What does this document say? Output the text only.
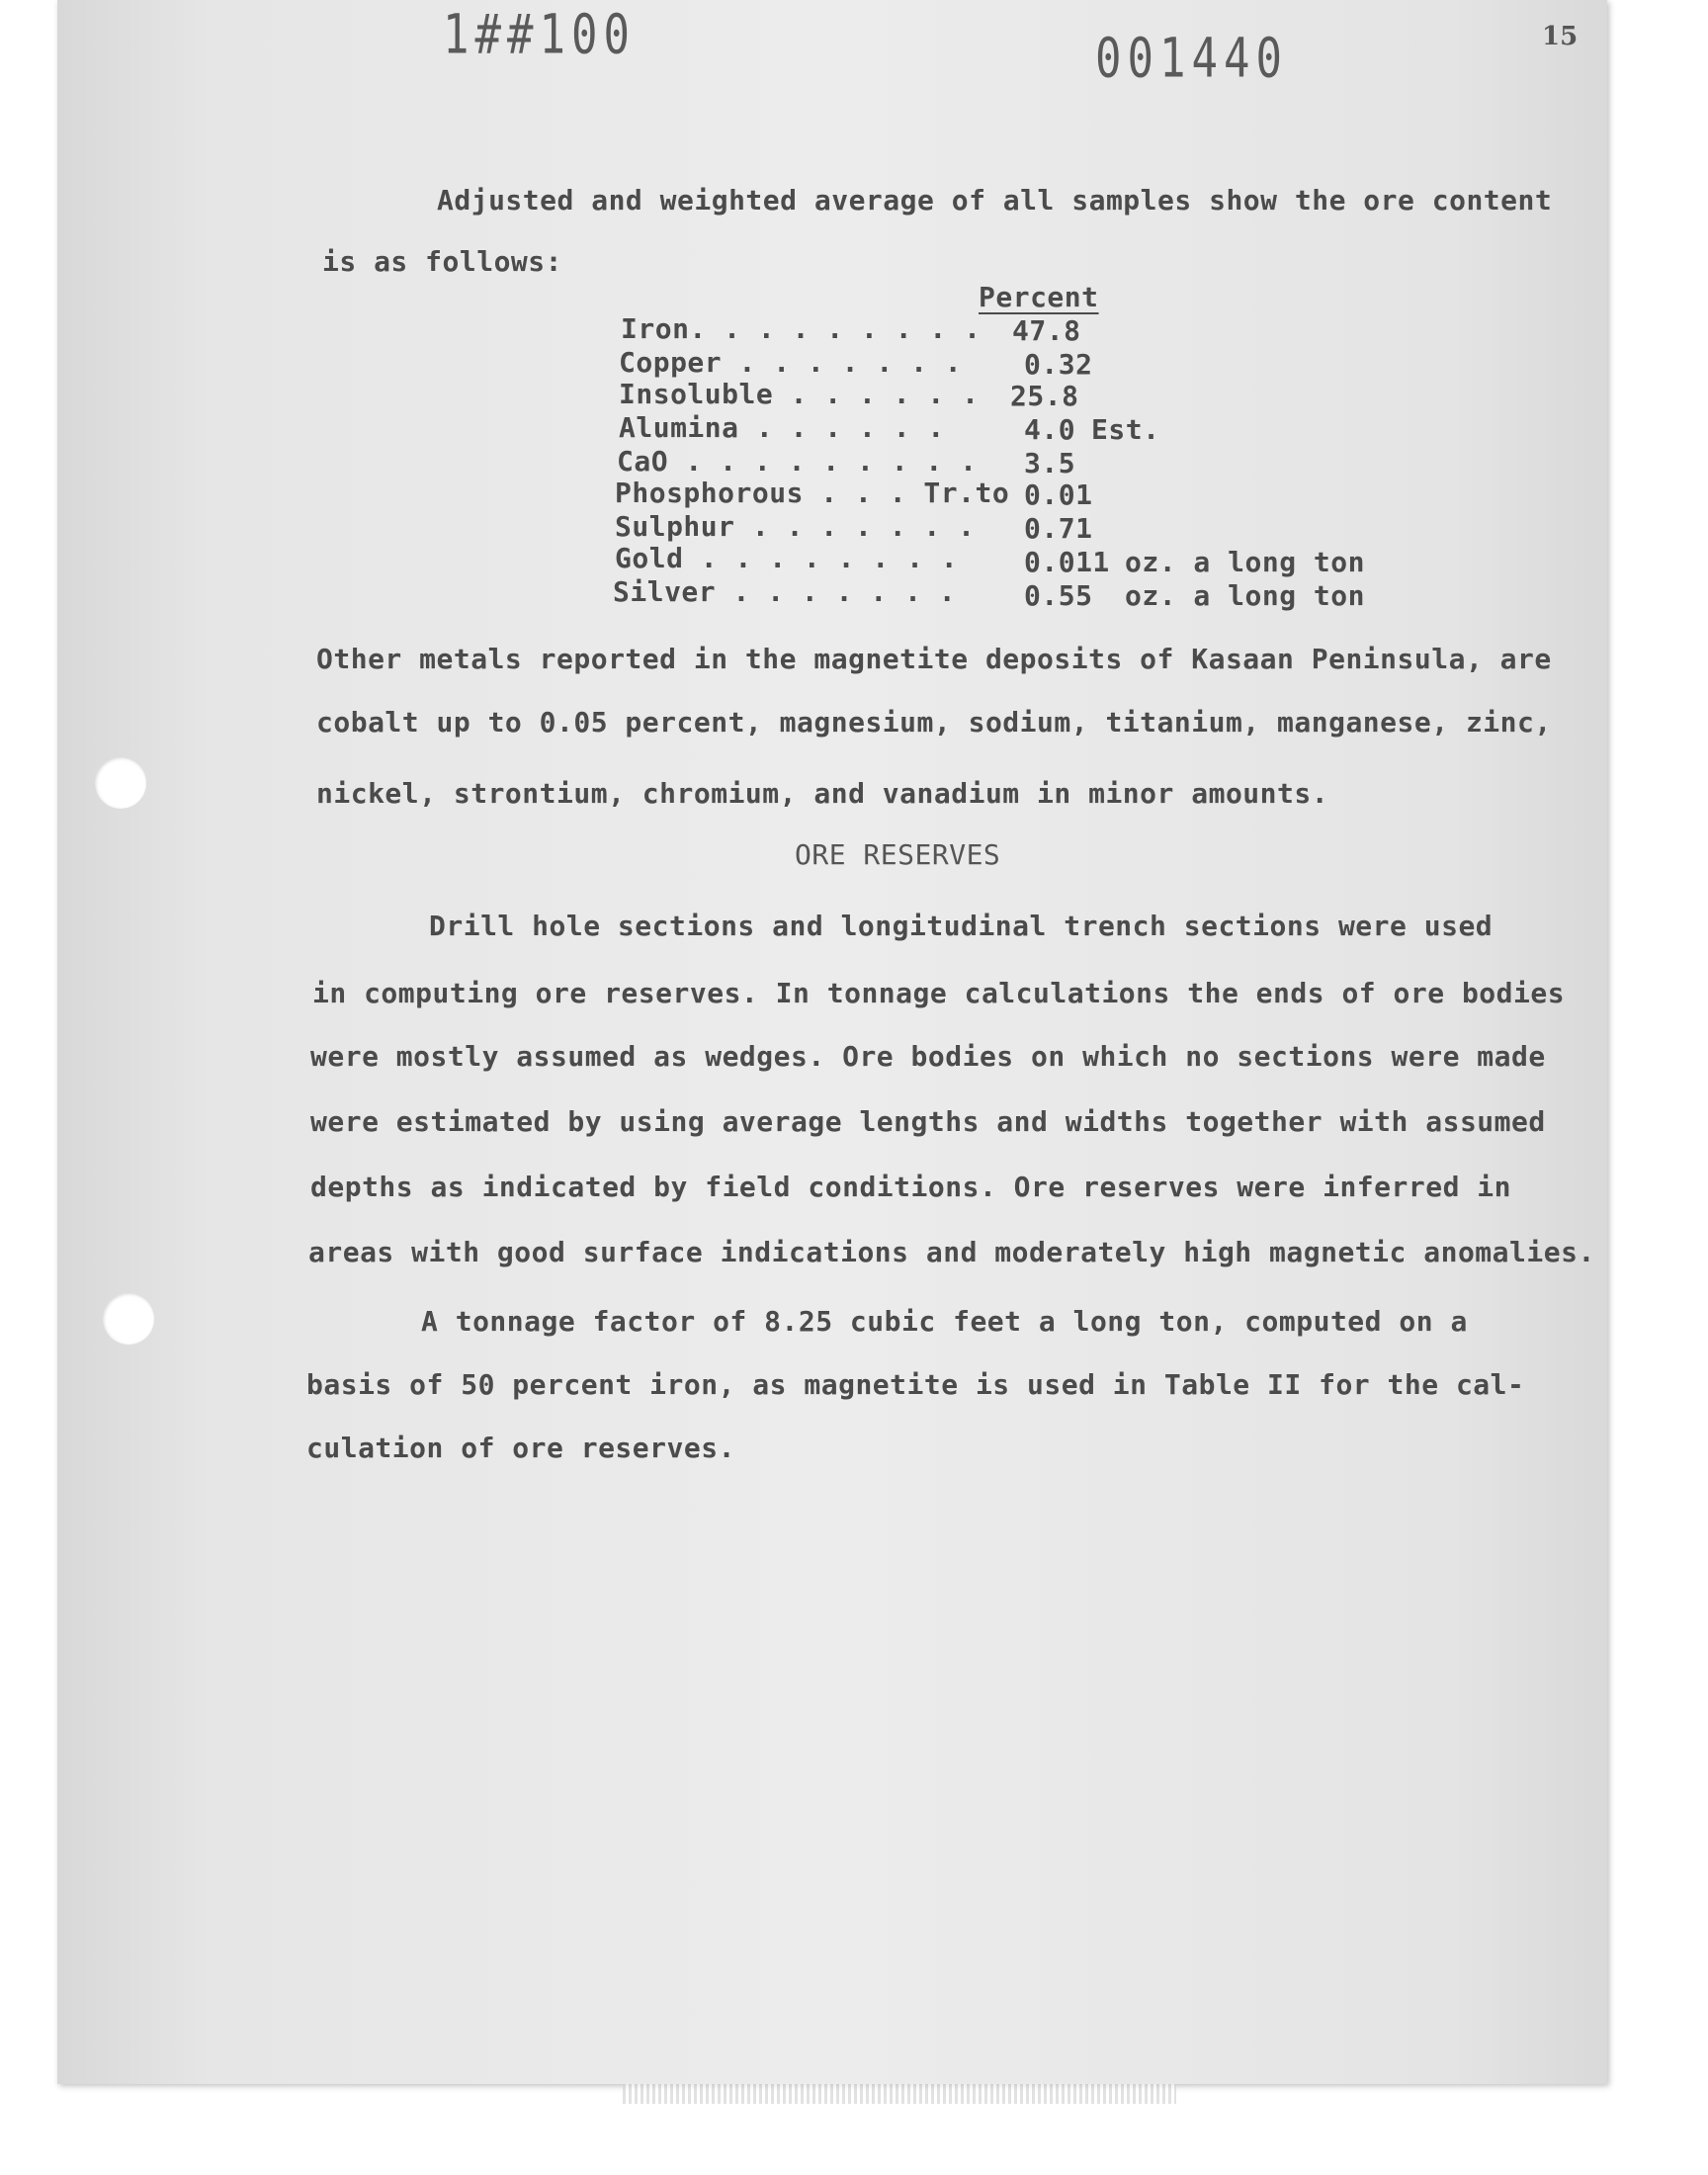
1##100	001440	15
Adjusted and weighted average of all samples show the ore content
is as follows:
Percent
Iron. . . . . . . . . 47.8
Copper . . . . . . . 0.32
Insoluble . . . . . . 25.8
Alumina . . . . . .	4.0 Est.
CaO . . . . . . . . . 3.5
Phosphorous . . . Tr.to 0.01
Sulphur . . . . . . . 0.71
Gold . . . . . . . . 0.011 oz. a long ton
Silver . . . . . . . 0.55 oz. a long ton
Other metals reported in the magnetite deposits of Kasaan Peninsula, are
cobalt up to 0.05 percent, magnesium, sodium, titanium, manganese, zinc,
nickel, strontium, chromium, and vanadium in minor amounts.
ORE RESERVES
Drill hole sections and longitudinal trench sections were used
in computing ore reserves. In tonnage calculations the ends of ore bodies
were mostly assumed as wedges. Ore bodies on which no sections were made
were estimated by using average lengths and widths together with assumed
depths as indicated by field conditions. Ore reserves were inferred in
areas with good surface indications and moderately high magnetic anomalies.
A tonnage factor of 8.25 cubic feet a long ton, computed on a
basis of 50 percent iron, as magnetite is used in Table II for the cal-
culation of ore reserves.
